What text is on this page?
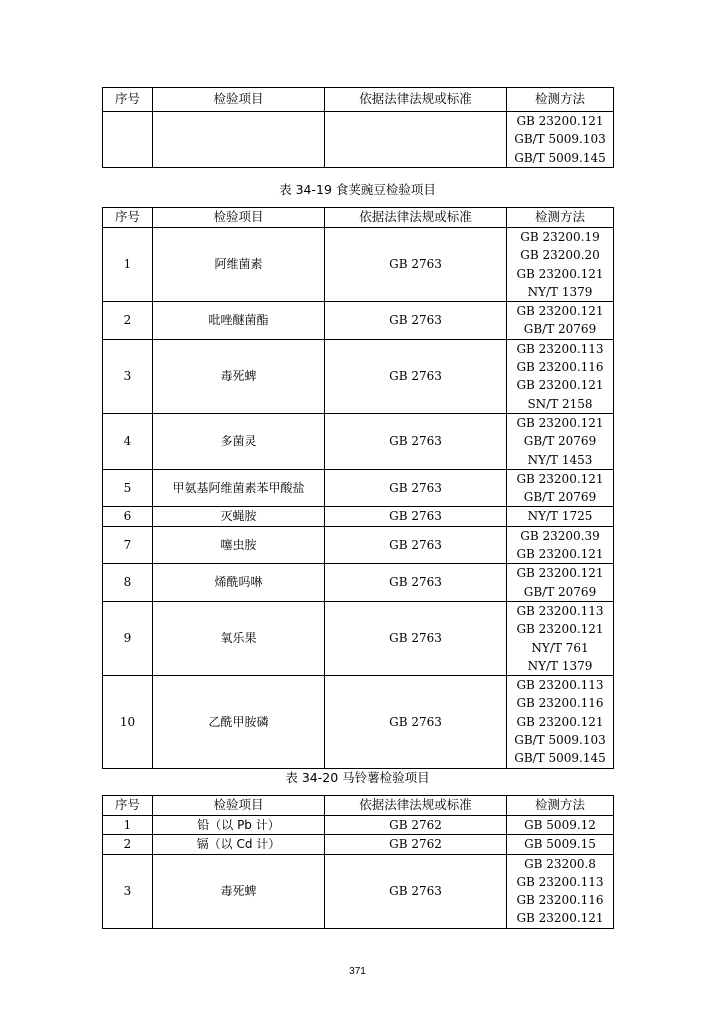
序号	检验项目	依据法律法规或标准	检测方法

			GB 23200.121
GB/T 5009.103
GB/T 5009.145
表 34-19 食荚豌豆检验项目
序号	检验项目	依据法律法规或标准	检测方法
1	阿维菌素	GB 2763	GB 23200.19
GB 23200.20
GB 23200.121
NY/T 1379

2	吡唑醚菌酯	GB 2763	GB 23200.121
GB/T 20769

3	毒死蜱	GB 2763	GB 23200.113
GB 23200.116
GB 23200.121
SN/T 2158

4	多菌灵	GB 2763	GB 23200.121
GB/T 20769
NY/T 1453

5	甲氨基阿维菌素苯甲酸盐	GB 2763	GB 23200.121
GB/T 20769

6	灭蝇胺	GB 2763	NY/T 1725

7	噻虫胺	GB 2763	GB 23200.39
GB 23200.121

8	烯酰吗啉	GB 2763	GB 23200.121
GB/T 20769

9	氧乐果	GB 2763	GB 23200.113
GB 23200.121
NY/T 761
NY/T 1379

10	乙酰甲胺磷	GB 2763	GB 23200.113
GB 23200.116
GB 23200.121
GB/T 5009.103
GB/T 5009.145
表 34-20 马铃薯检验项目
序号	检验项目	依据法律法规或标准	检测方法
1	铅（以 Pb 计）	GB 2762	GB 5009.12

2	镉（以 Cd 计）	GB 2762	GB 5009.15

3	毒死蜱	GB 2763	GB 23200.8
GB 23200.113
GB 23200.116
GB 23200.121
371
